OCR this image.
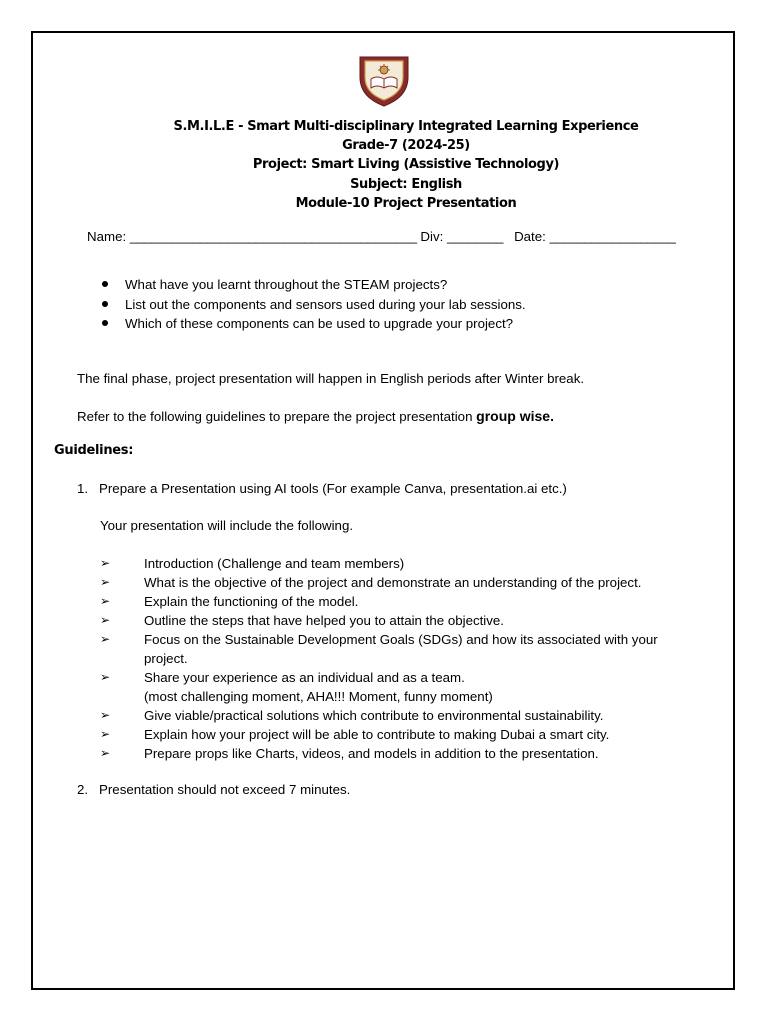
S.M.I.L.E - Smart Multi-disciplinary Integrated Learning Experience
Grade-7 (2024-25)
Project: Smart Living (Assistive Technology)
Subject: English
Module-10 Project Presentation
Name: _________________________________________ Div: ________ Date: __________________
What have you learnt throughout the STEAM projects?
List out the components and sensors used during your lab sessions.
Which of these components can be used to upgrade your project?
The final phase, project presentation will happen in English periods after Winter break.
Refer to the following guidelines to prepare the project presentation group wise.
Guidelines:
1. Prepare a Presentation using AI tools (For example Canva, presentation.ai etc.)
Your presentation will include the following.
➢	Introduction (Challenge and team members)
➢	What is the objective of the project and demonstrate an understanding of the project.
➢	Explain the functioning of the model.
➢	Outline the steps that have helped you to attain the objective.
➢	Focus on the Sustainable Development Goals (SDGs) and how its associated with your project.
➢	Share your experience as an individual and as a team.
(most challenging moment, AHA!!! Moment, funny moment)
➢	Give viable/practical solutions which contribute to environmental sustainability.
➢	Explain how your project will be able to contribute to making Dubai a smart city.
➢	Prepare props like Charts, videos, and models in addition to the presentation.
2. Presentation should not exceed 7 minutes.
